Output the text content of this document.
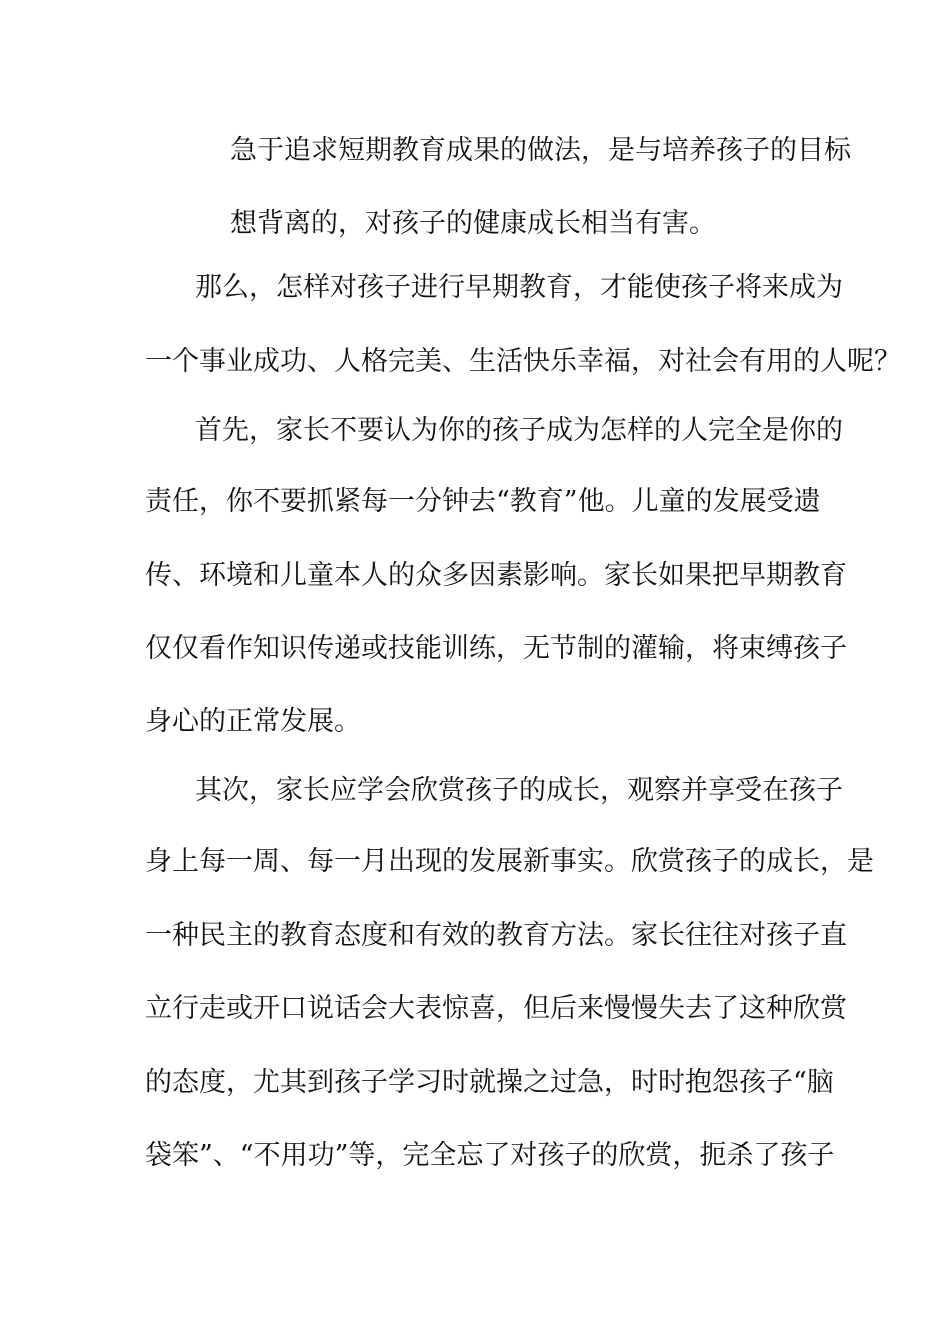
急于追求短期教育成果的做法，是与培养孩子的目标
想背离的，对孩子的健康成长相当有害。
那么，怎样对孩子进行早期教育，才能使孩子将来成为
一个事业成功、人格完美、生活快乐幸福，对社会有用的人呢？
首先，家长不要认为你的孩子成为怎样的人完全是你的
责任，你不要抓紧每一分钟去“教育”他。儿童的发展受遗
传、环境和儿童本人的众多因素影响。家长如果把早期教育
仅仅看作知识传递或技能训练，无节制的灌输，将束缚孩子
身心的正常发展。
其次，家长应学会欣赏孩子的成长，观察并享受在孩子
身上每一周、每一月出现的发展新事实。欣赏孩子的成长，是
一种民主的教育态度和有效的教育方法。家长往往对孩子直
立行走或开口说话会大表惊喜，但后来慢慢失去了这种欣赏
的态度，尤其到孩子学习时就操之过急，时时抱怨孩子“脑
袋笨”、“不用功”等，完全忘了对孩子的欣赏，扼杀了孩子
